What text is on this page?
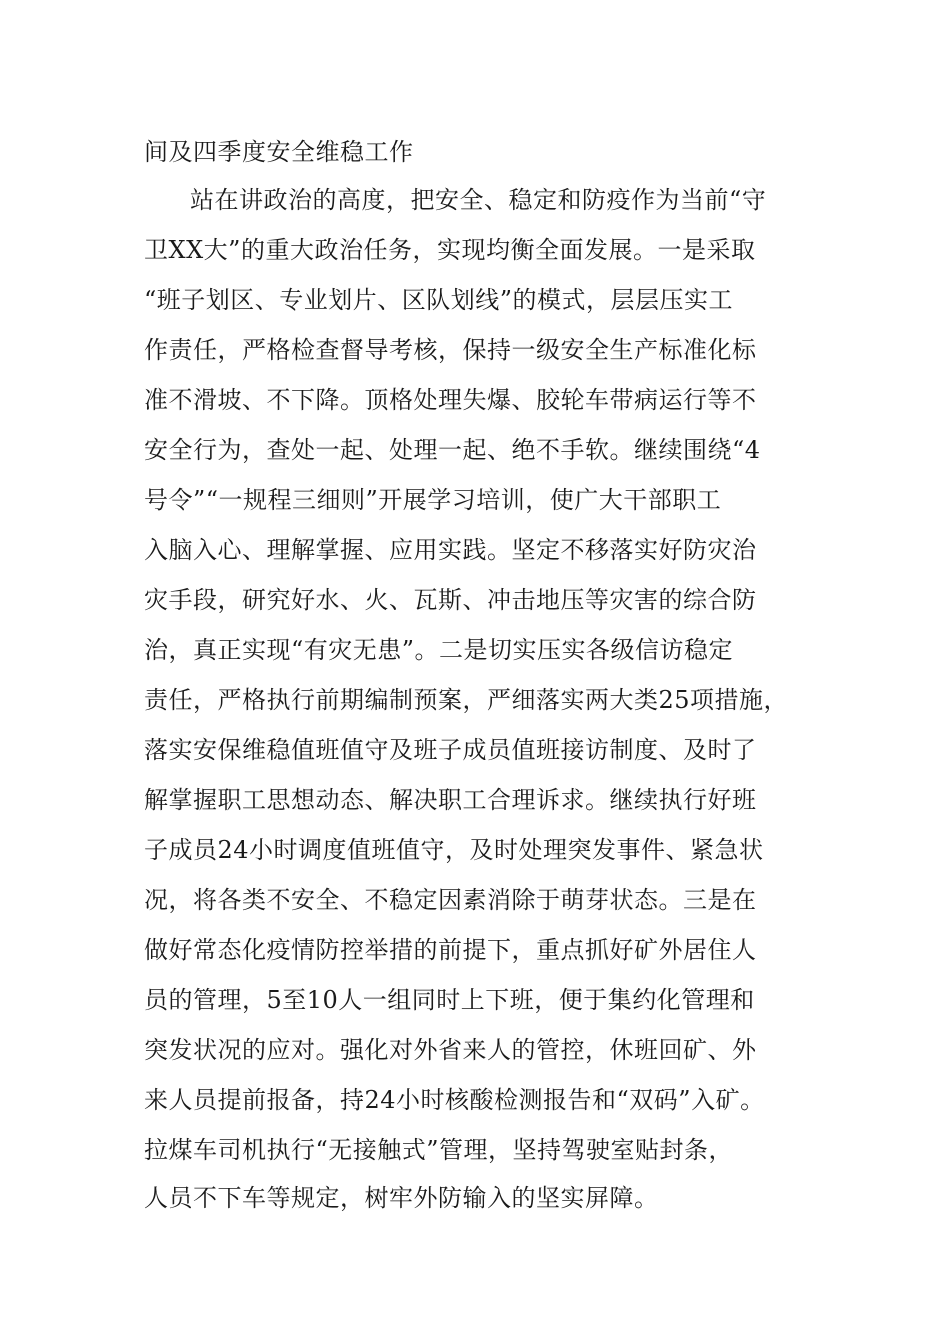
间及四季度安全维稳工作
站在讲政治的高度，把安全、稳定和防疫作为当前“守
卫XX大”的重大政治任务，实现均衡全面发展。一是采取
“班子划区、专业划片、区队划线”的模式，层层压实工
作责任，严格检查督导考核，保持一级安全生产标准化标
准不滑坡、不下降。顶格处理失爆、胶轮车带病运行等不
安全行为，查处一起、处理一起、绝不手软。继续围绕“4
号令”“一规程三细则”开展学习培训，使广大干部职工
入脑入心、理解掌握、应用实践。坚定不移落实好防灾治
灾手段，研究好水、火、瓦斯、冲击地压等灾害的综合防
治，真正实现“有灾无患”。二是切实压实各级信访稳定
责任，严格执行前期编制预案，严细落实两大类25项措施，
落实安保维稳值班值守及班子成员值班接访制度、及时了
解掌握职工思想动态、解决职工合理诉求。继续执行好班
子成员24小时调度值班值守，及时处理突发事件、紧急状
况，将各类不安全、不稳定因素消除于萌芽状态。三是在
做好常态化疫情防控举措的前提下，重点抓好矿外居住人
员的管理，5至10人一组同时上下班，便于集约化管理和
突发状况的应对。强化对外省来人的管控，休班回矿、外
来人员提前报备，持24小时核酸检测报告和“双码”入矿。
拉煤车司机执行“无接触式”管理，坚持驾驶室贴封条，
人员不下车等规定，树牢外防输入的坚实屏障。
